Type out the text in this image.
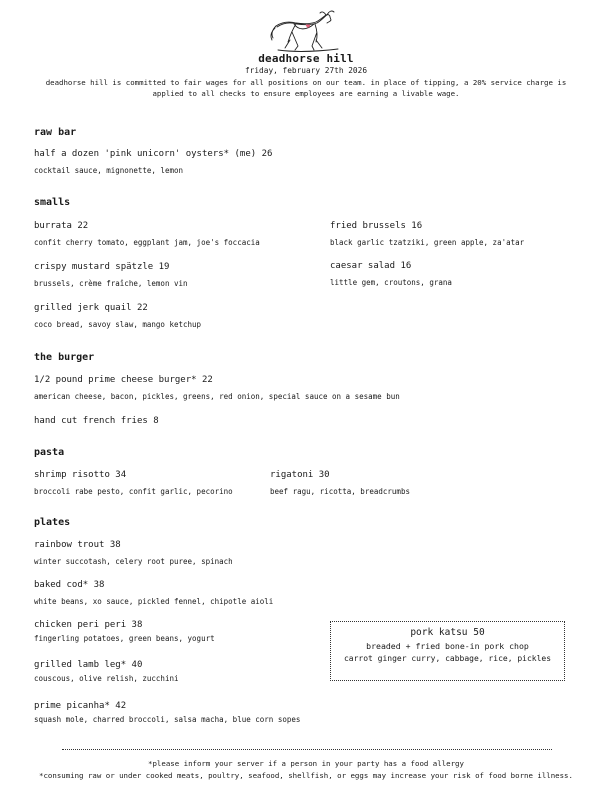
deadhorse hill
friday, february 27th 2026
deadhorse hill is committed to fair wages for all positions on our team. in place of tipping, a 20% service charge is applied to all checks to ensure employees are earning a livable wage.
raw bar
half a dozen 'pink unicorn' oysters* (me) 26
cocktail sauce, mignonette, lemon
smalls
burrata 22
confit cherry tomato, eggplant jam, joe's foccacia
fried brussels 16
black garlic tzatziki, green apple, za'atar
crispy mustard spätzle 19
brussels, crème fraîche, lemon vin
caesar salad 16
little gem, croutons, grana
grilled jerk quail 22
coco bread, savoy slaw, mango ketchup
the burger
1/2 pound prime cheese burger* 22
american cheese, bacon, pickles, greens, red onion, special sauce on a sesame bun
hand cut french fries 8
pasta
shrimp risotto 34
broccoli rabe pesto, confit garlic, pecorino
rigatoni 30
beef ragu, ricotta, breadcrumbs
plates
rainbow trout 38
winter succotash, celery root puree, spinach
baked cod* 38
white beans, xo sauce, pickled fennel, chipotle aioli
chicken peri peri 38
fingerling potatoes, green beans, yogurt
grilled lamb leg* 40
couscous, olive relish, zucchini
prime picanha* 42
squash mole, charred broccoli, salsa macha, blue corn sopes
pork katsu 50
breaded + fried bone-in pork chop
carrot ginger curry, cabbage, rice, pickles
*please inform your server if a person in your party has a food allergy
*consuming raw or under cooked meats, poultry, seafood, shellfish, or eggs may increase your risk of food borne illness.
